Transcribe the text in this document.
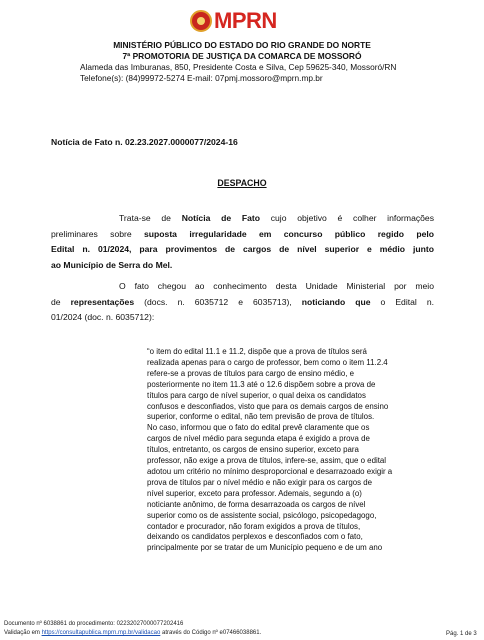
MPRN
MINISTÉRIO PÚBLICO DO ESTADO DO RIO GRANDE DO NORTE
7ª PROMOTORIA DE JUSTIÇA DA COMARCA DE MOSSORÓ
Alameda das Imburanas, 850, Presidente Costa e Silva, Cep 59625-340, Mossoró/RN
Telefone(s): (84)99972-5274 E-mail: 07pmj.mossoro@mprn.mp.br
Notícia de Fato n. 02.23.2027.0000077/2024-16
DESPACHO
Trata-se de Notícia de Fato cujo objetivo é colher informações
preliminares sobre suposta irregularidade em concurso público regido pelo
Edital n. 01/2024, para provimentos de cargos de nível superior e médio junto
ao Município de Serra do Mel.
O fato chegou ao conhecimento desta Unidade Ministerial por meio
de representações (docs. n. 6035712 e 6035713), noticiando que o Edital n.
01/2024 (doc. n. 6035712):
“o item do edital 11.1 e 11.2, dispõe que a prova de títulos será
realizada apenas para o cargo de professor, bem como o item 11.2.4
refere-se a provas de títulos para cargo de ensino médio, e
posteriormente no item 11.3 até o 12.6 dispõem sobre a prova de
títulos para cargo de nível superior, o qual deixa os candidatos
confusos e desconfiados, visto que para os demais cargos de ensino
superior, conforme o edital, não tem previsão de prova de títulos.
No caso, informou que o fato do edital prevê claramente que os
cargos de nível médio para segunda etapa é exigido a prova de
títulos, entretanto, os cargos de ensino superior, exceto para
professor, não exige a prova de títulos, infere-se, assim, que o edital
adotou um critério no mínimo desproporcional e desarrazoado exigir a
prova de títulos par o nível médio e não exigir para os cargos de
nível superior, exceto para professor. Ademais, segundo a (o)
noticiante anônimo, de forma desarrazoada os cargos de nível
superior como os de assistente social, psicólogo, psicopedagogo,
contador e procurador, não foram exigidos a prova de títulos,
deixando os candidatos perplexos e desconfiados com o fato,
principalmente por se tratar de um Município pequeno e de um ano
Documento nº 6038861 do procedimento: 02232027000077202416
Validação em https://consultapublica.mprn.mp.br/validacao através do Código nº e07466038861.	Pág. 1 de 3
